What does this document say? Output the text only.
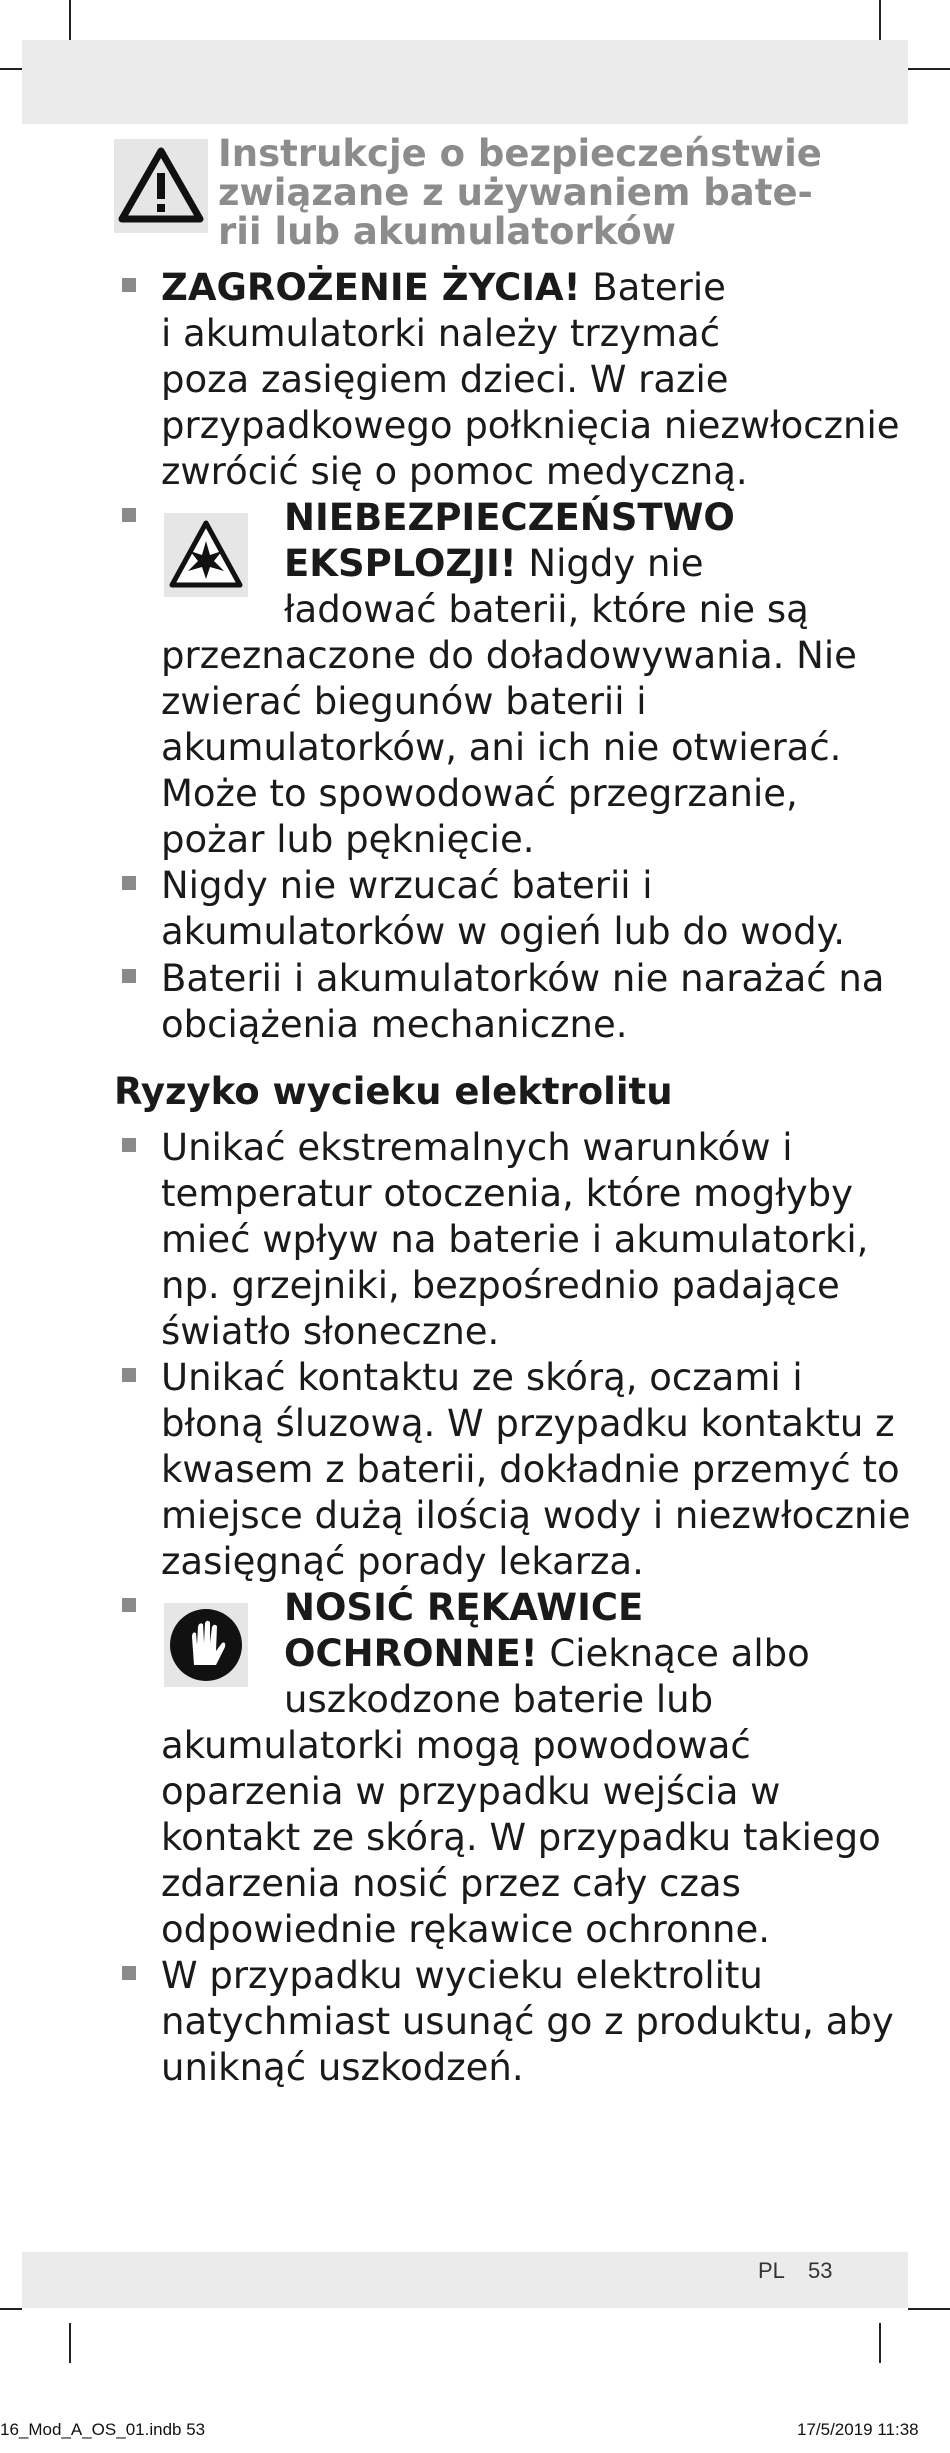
Instrukcje o bezpieczeństwie
związane z używaniem bate-
rii lub akumulatorków
ZAGROŻENIE ŻYCIA! Baterie
i akumulatorki należy trzymać
poza zasięgiem dzieci. W razie
przypadkowego połknięcia niezwłocznie
zwrócić się o pomoc medyczną.
NIEBEZPIECZEŃSTWO
EKSPLOZJI! Nigdy nie
ładować baterii, które nie są
przeznaczone do doładowywania. Nie
zwierać biegunów baterii i
akumulatorków, ani ich nie otwierać.
Może to spowodować przegrzanie,
pożar lub pęknięcie.
Nigdy nie wrzucać baterii i
akumulatorków w ogień lub do wody.
Baterii i akumulatorków nie narażać na
obciążenia mechaniczne.
Ryzyko wycieku elektrolitu
Unikać ekstremalnych warunków i
temperatur otoczenia, które mogłyby
mieć wpływ na baterie i akumulatorki,
np. grzejniki, bezpośrednio padające
światło słoneczne.
Unikać kontaktu ze skórą, oczami i
błoną śluzową. W przypadku kontaktu z
kwasem z baterii, dokładnie przemyć to
miejsce dużą ilością wody i niezwłocznie
zasięgnąć porady lekarza.
NOSIĆ RĘKAWICE
OCHRONNE! Cieknące albo
uszkodzone baterie lub
akumulatorki mogą powodować
oparzenia w przypadku wejścia w
kontakt ze skórą. W przypadku takiego
zdarzenia nosić przez cały czas
odpowiednie rękawice ochronne.
W przypadku wycieku elektrolitu
natychmiast usunąć go z produktu, aby
uniknąć uszkodzeń.
PL 53
16_Mod_A_OS_01.indb 53	17/5/2019 11:38
